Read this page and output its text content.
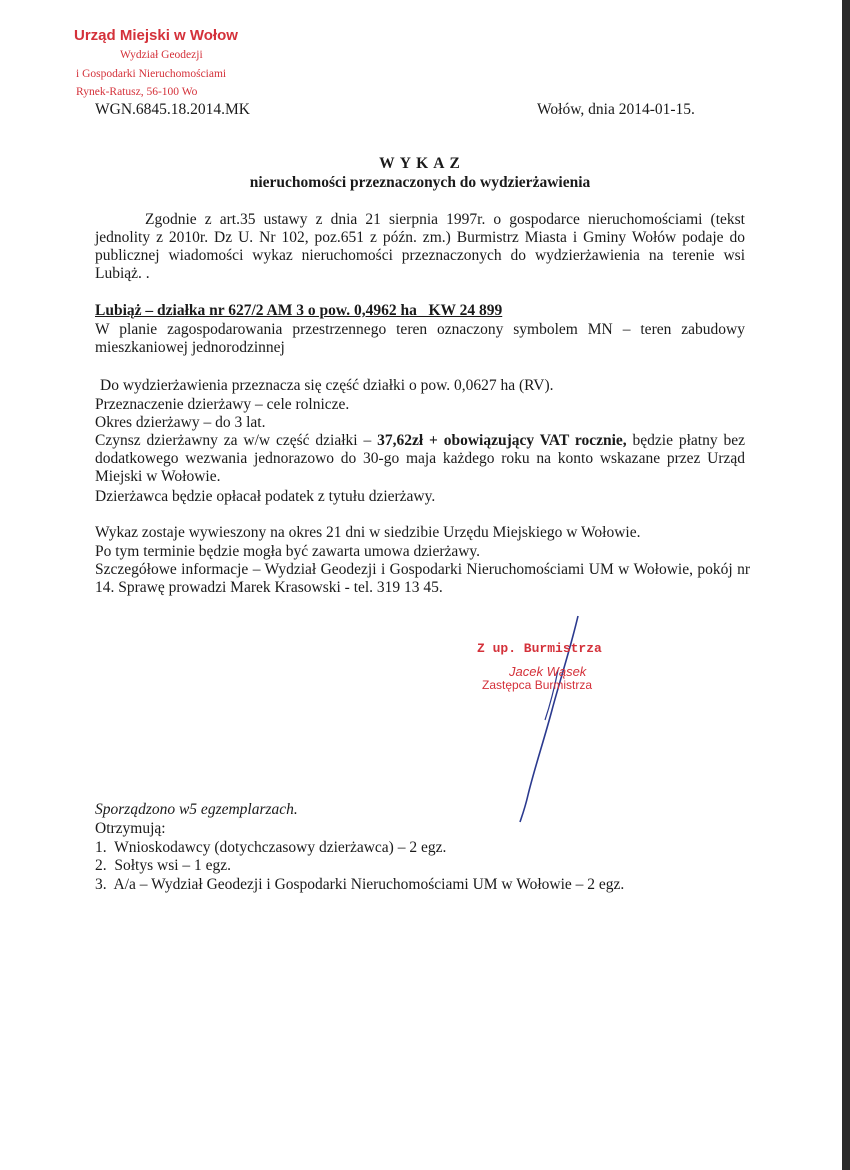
Urząd Miejski w Wołow
Wydział Geodezji
i Gospodarki Nieruchomościami
Rynek-Ratusz, 56-100 Wo

WGN.6845.18.2014.MK	Wołów, dnia 2014-01-15.

W Y K A Z

nieruchomości przeznaczonych do wydzierżawienia

Zgodnie z art.35 ustawy z dnia 21 sierpnia 1997r. o gospodarce nieruchomościami (tekst jednolity z 2010r. Dz U. Nr 102, poz.651 z późn. zm.) Burmistrz Miasta i Gminy Wołów podaje do publicznej wiadomości wykaz nieruchomości przeznaczonych do wydzierżawienia na terenie wsi Lubiąż. .

Lubiąż – działka nr 627/2 AM 3 o pow. 0,4962 ha   KW 24 899

W planie zagospodarowania przestrzennego teren oznaczony symbolem MN – teren zabudowy mieszkaniowej jednorodzinnej

Do wydzierżawienia przeznacza się część działki o pow. 0,0627 ha (RV).

Przeznaczenie dzierżawy – cele rolnicze.

Okres dzierżawy – do 3 lat.

Czynsz dzierżawny za w/w część działki – 37,62zł + obowiązujący VAT rocznie, będzie płatny bez dodatkowego wezwania jednorazowo do 30-go maja każdego roku na konto wskazane przez Urząd Miejski w Wołowie.

Dzierżawca będzie opłacał podatek z tytułu dzierżawy.

Wykaz zostaje wywieszony na okres 21 dni w siedzibie Urzędu Miejskiego w Wołowie.

Po tym terminie będzie mogła być zawarta umowa dzierżawy.

Szczegółowe informacje – Wydział Geodezji i Gospodarki Nieruchomościami UM w Wołowie, pokój nr 14. Sprawę prowadzi Marek Krasowski - tel. 319 13 45.

Z up. Burmistrza
Jacek Wąsek
Zastępca Burmistrza

Sporządzono w5 egzemplarzach.

Otrzymują:

1.  Wnioskodawcy (dotychczasowy dzierżawca) – 2 egz.

2.  Sołtys wsi – 1 egz.

3.  A/a – Wydział Geodezji i Gospodarki Nieruchomościami UM w Wołowie – 2 egz.
